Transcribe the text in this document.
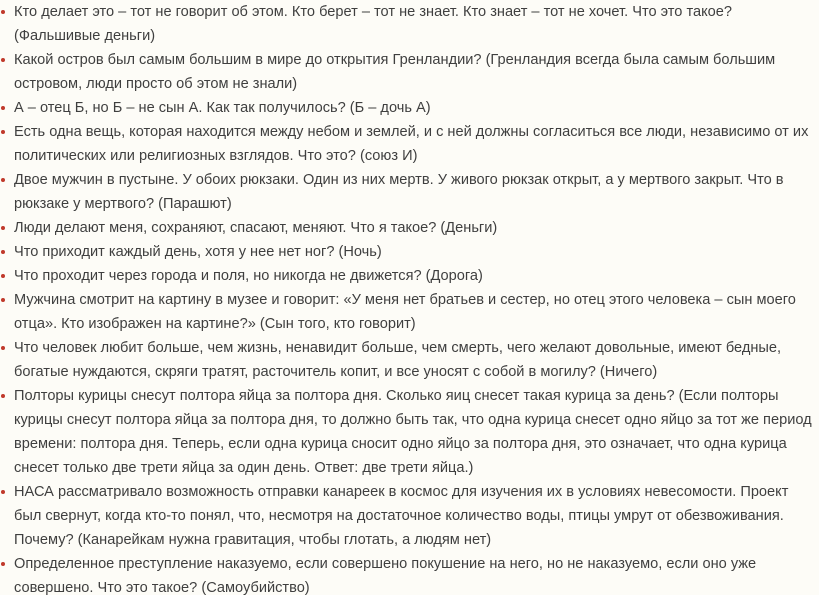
Кто делает это – тот не говорит об этом. Кто берет – тот не знает. Кто знает – тот не хочет. Что это такое? (Фальшивые деньги)
Какой остров был самым большим в мире до открытия Гренландии? (Гренландия всегда была самым большим островом, люди просто об этом не знали)
А – отец Б, но Б – не сын А. Как так получилось? (Б – дочь А)
Есть одна вещь, которая находится между небом и землей, и с ней должны согласиться все люди, независимо от их политических или религиозных взглядов. Что это? (союз И)
Двое мужчин в пустыне. У обоих рюкзаки. Один из них мертв. У живого рюкзак открыт, а у мертвого закрыт. Что в рюкзаке у мертвого? (Парашют)
Люди делают меня, сохраняют, спасают, меняют. Что я такое? (Деньги)
Что приходит каждый день, хотя у нее нет ног? (Ночь)
Что проходит через города и поля, но никогда не движется? (Дорога)
Мужчина смотрит на картину в музее и говорит: «У меня нет братьев и сестер, но отец этого человека – сын моего отца». Кто изображен на картине?» (Сын того, кто говорит)
Что человек любит больше, чем жизнь, ненавидит больше, чем смерть, чего желают довольные, имеют бедные, богатые нуждаются, скряги тратят, расточитель копит, и все уносят с собой в могилу? (Ничего)
Полторы курицы снесут полтора яйца за полтора дня. Сколько яиц снесет такая курица за день? (Если полторы курицы снесут полтора яйца за полтора дня, то должно быть так, что одна курица снесет одно яйцо за тот же период времени: полтора дня. Теперь, если одна курица сносит одно яйцо за полтора дня, это означает, что одна курица снесет только две трети яйца за один день. Ответ: две трети яйца.)
НАСА рассматривало возможность отправки канареек в космос для изучения их в условиях невесомости. Проект был свернут, когда кто-то понял, что, несмотря на достаточное количество воды, птицы умрут от обезвоживания. Почему? (Канарейкам нужна гравитация, чтобы глотать, а людям нет)
Определенное преступление наказуемо, если совершено покушение на него, но не наказуемо, если оно уже совершено. Что это такое? (Самоубийство)
